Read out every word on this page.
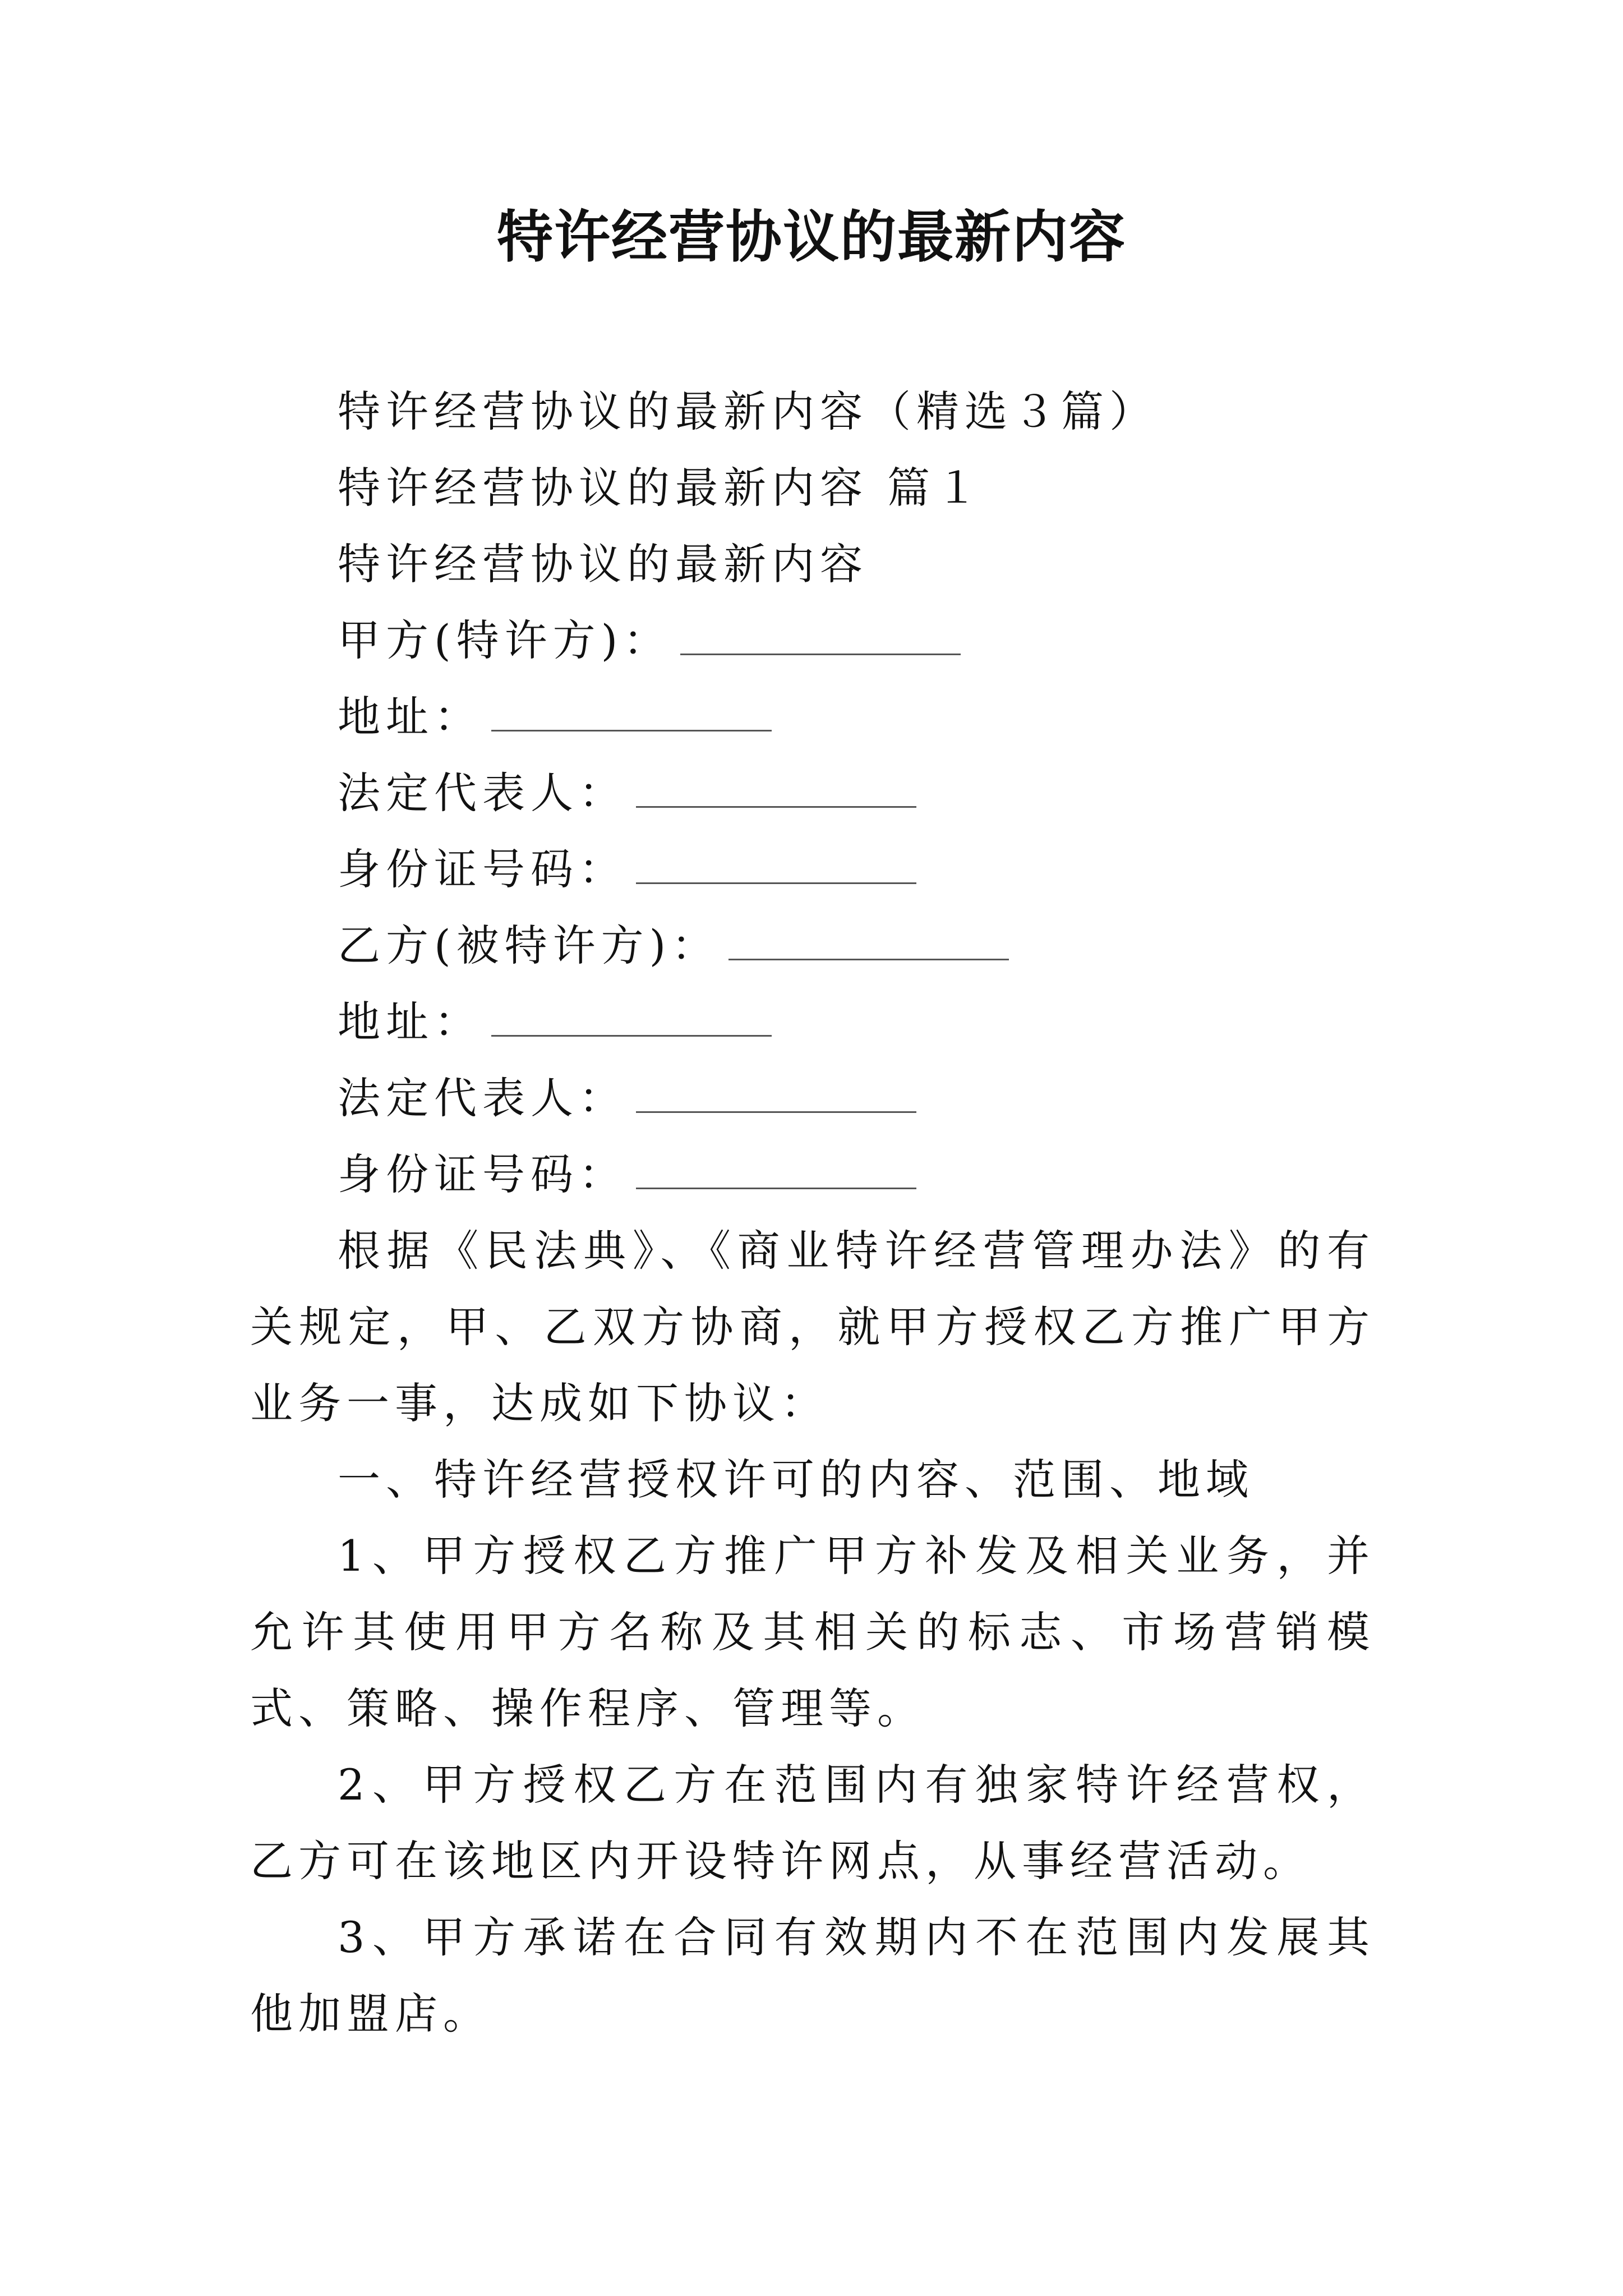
特许经营协议的最新内容

特许经营协议的最新内容（精选３篇）

特许经营协议的最新内容 篇１

特许经营协议的最新内容

甲方(特许方)：

地址：

法定代表人：

身份证号码：

乙方(被特许方)：

地址：

法定代表人：

身份证号码：

根据《民法典》、《商业特许经营管理办法》的有关规定，甲、乙双方协商，就甲方授权乙方推广甲方业务一事，达成如下协议：

一、特许经营授权许可的内容、范围、地域

1、甲方授权乙方推广甲方补发及相关业务，并允许其使用甲方名称及其相关的标志、市场营销模式、策略、操作程序、管理等。

2、甲方授权乙方在范围内有独家特许经营权，乙方可在该地区内开设特许网点，从事经营活动。

3、甲方承诺在合同有效期内不在范围内发展其他加盟店。
